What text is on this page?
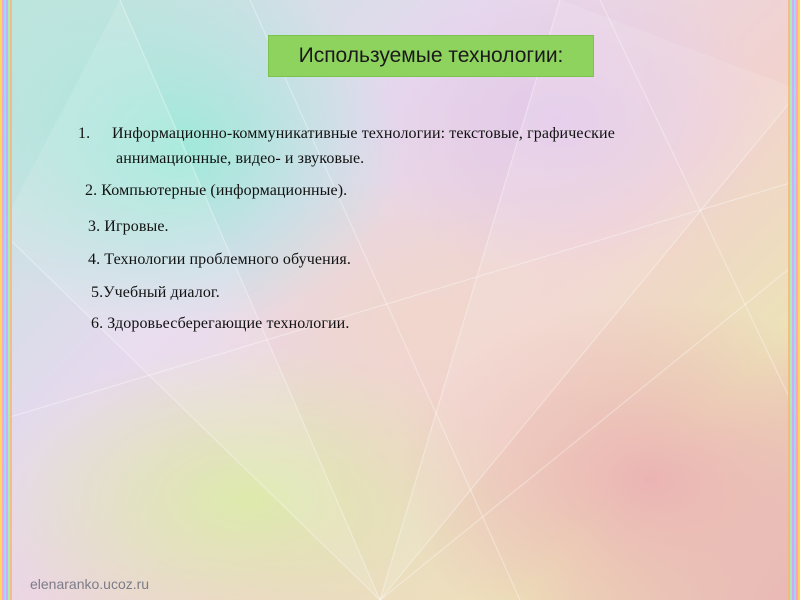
Используемые технологии:
1. Информационно-коммуникативные технологии: текстовые, графические
аннимационные, видео- и звуковые.
2. Компьютерные (информационные).
3. Игровые.
4. Технологии проблемного обучения.
5.Учебный диалог.
6. Здоровьесберегающие технологии.
elenaranko.ucoz.ru
